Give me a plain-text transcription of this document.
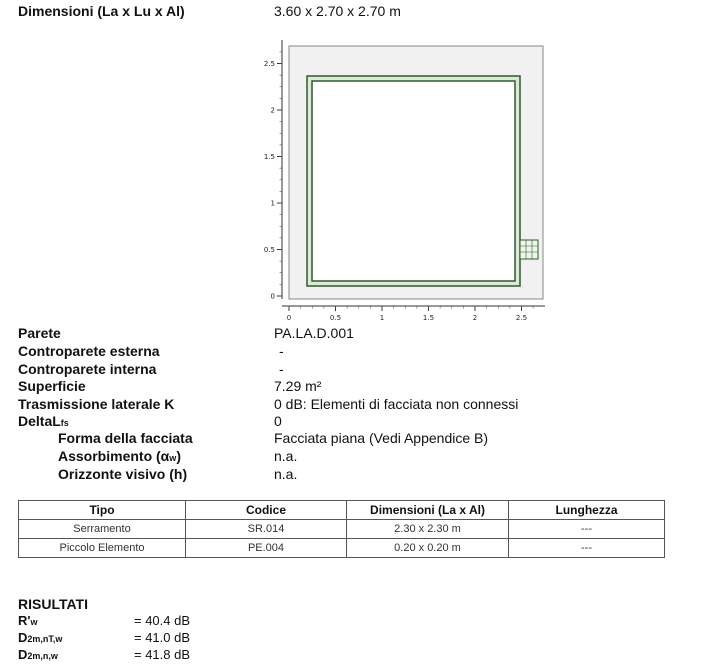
Dimensioni (La x Lu x Al)	3.60 x 2.70 x 2.70 m
0
0.5
1
1.5
2
2.5
0	0.5	1	1.5	2	2.5
Parete	PA.LA.D.001
Controparete esterna	-
Controparete interna	-
Superficie	7.29 m²
Trasmissione laterale K	0 dB: Elementi di facciata non connessi
DeltaLfs	0
Forma della facciata	Facciata piana (Vedi Appendice B)
Assorbimento (αw)	n.a.
Orizzonte visivo (h)	n.a.
Tipo	Codice	Dimensioni (La x Al)	Lunghezza
Serramento	SR.014	2.30 x 2.30 m	---
Piccolo Elemento	PE.004	0.20 x 0.20 m	---
RISULTATI
R'w	= 40.4 dB
D2m,nT,w	= 41.0 dB
D2m,n,w	= 41.8 dB
